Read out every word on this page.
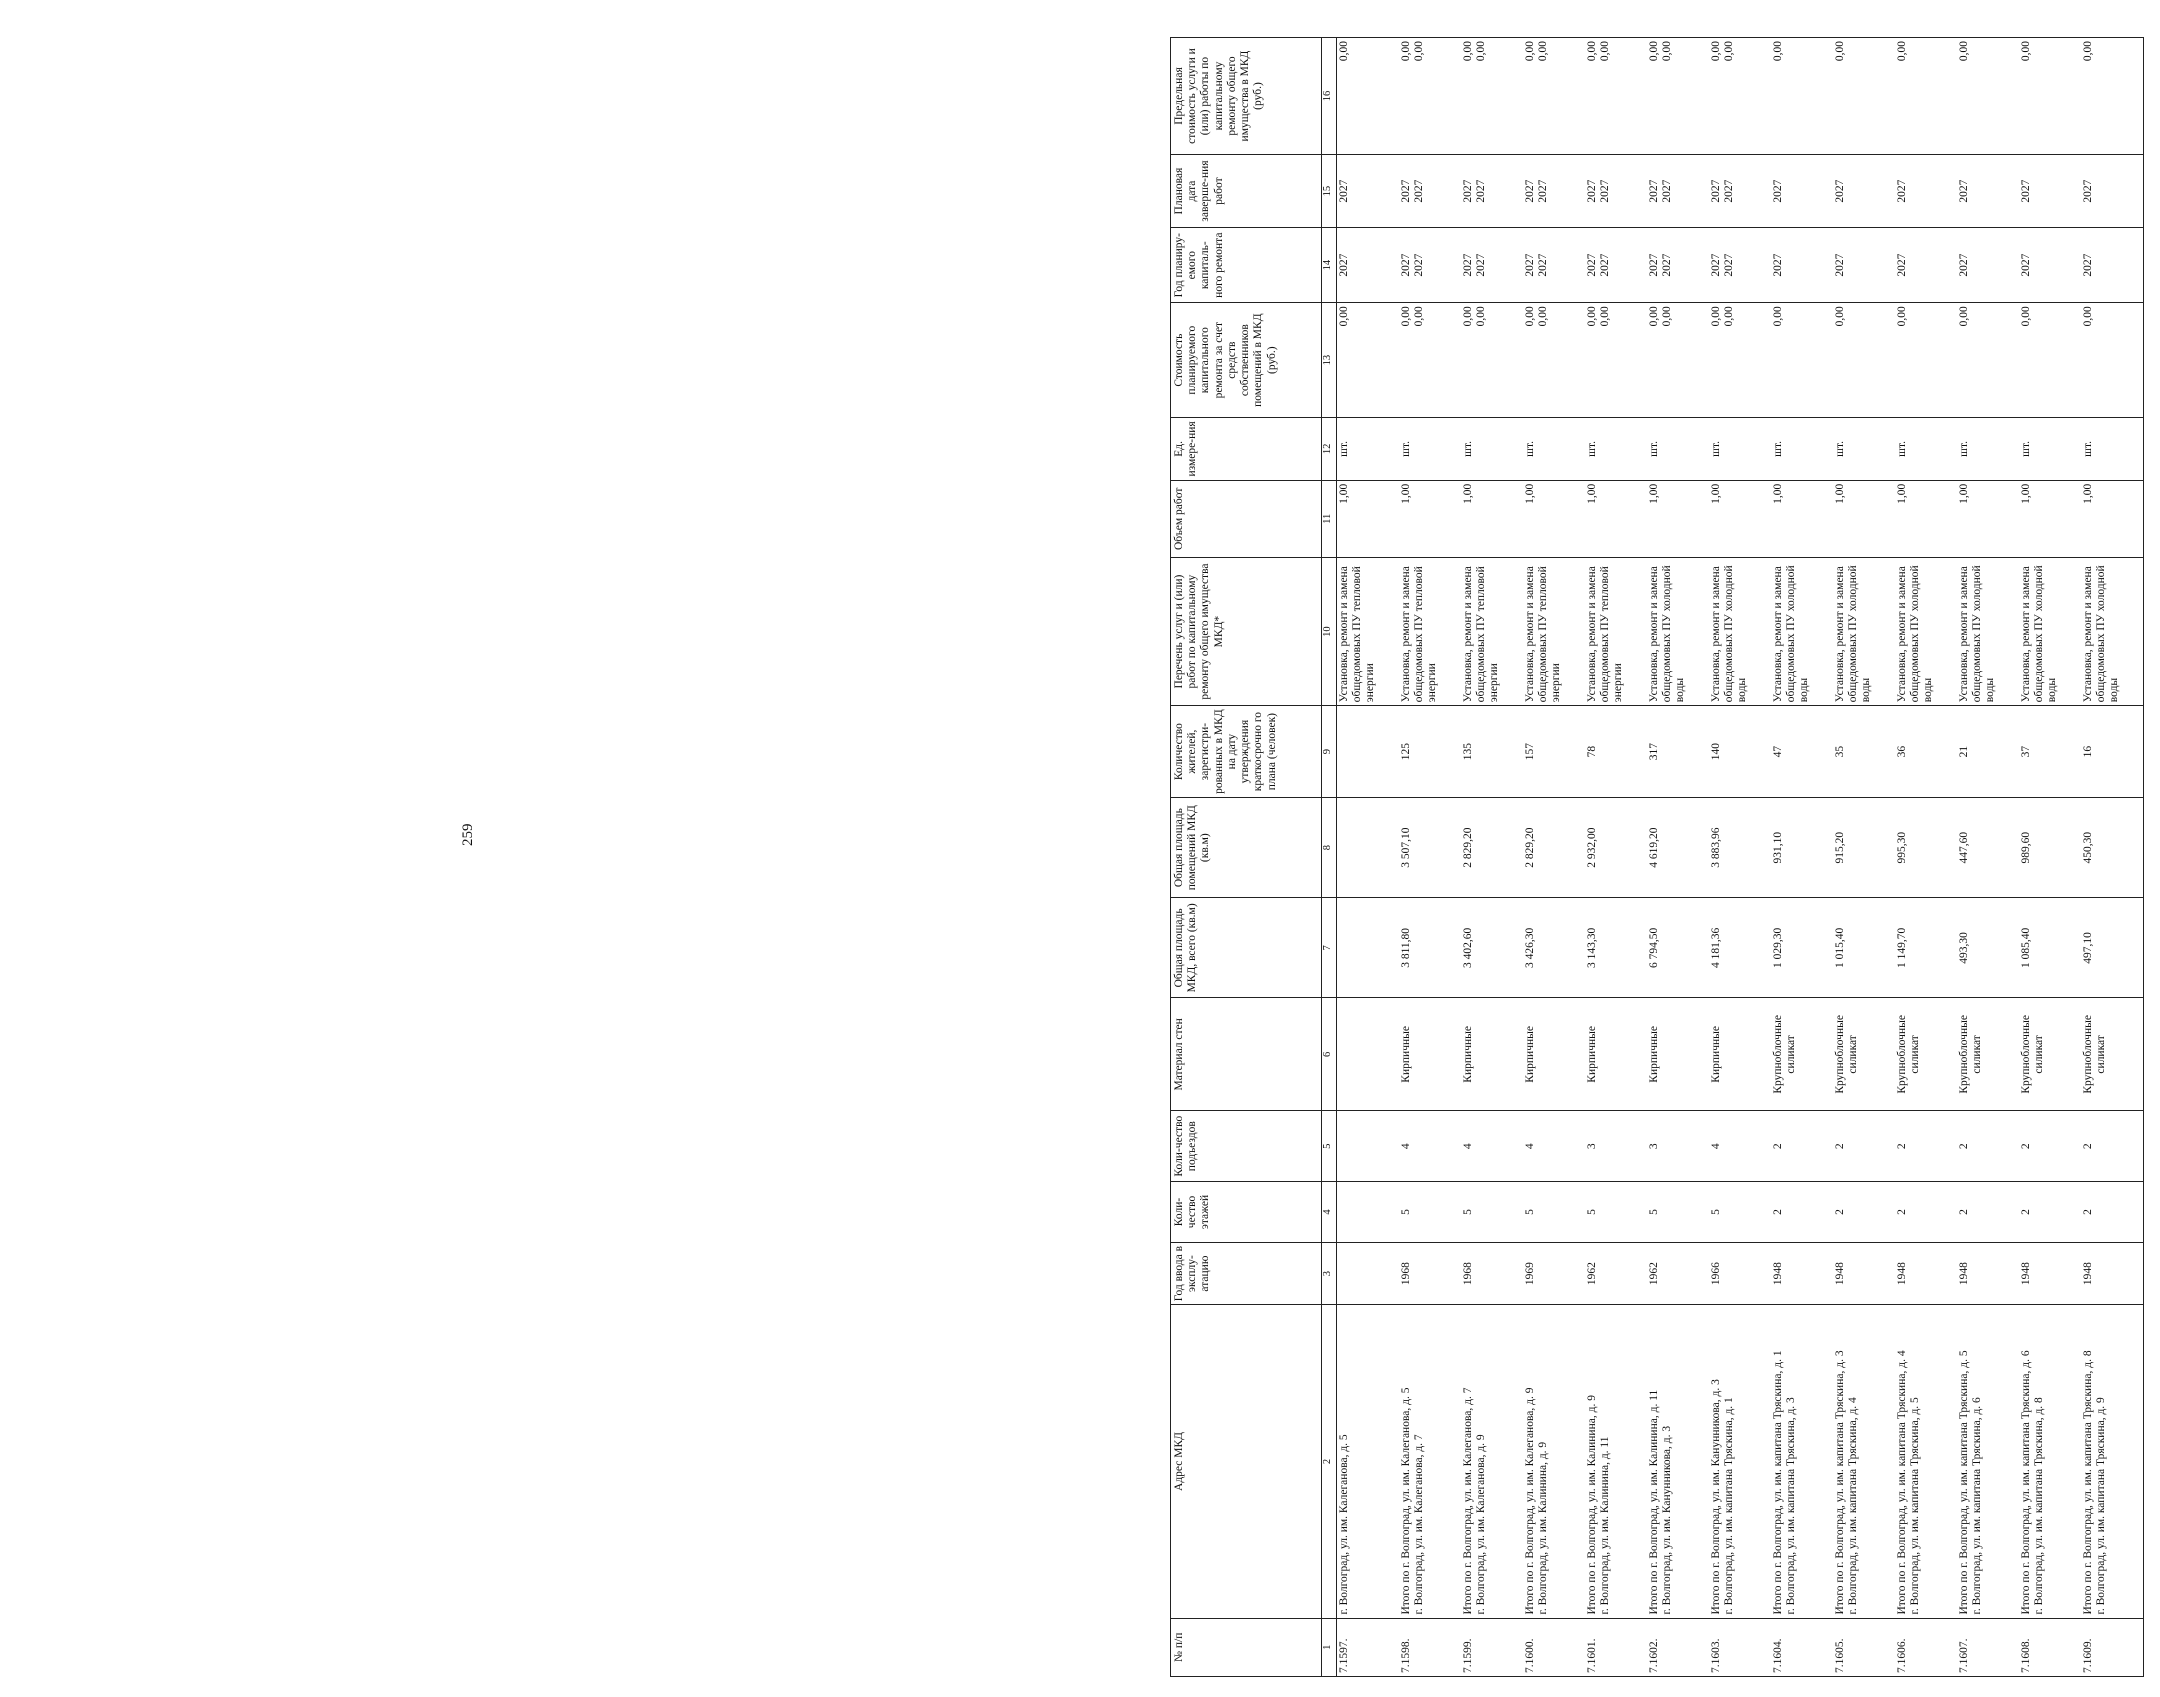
259
№ п/п	Адрес МКД	Год ввода в эксплу-атацию	Коли-чество этажей	Коли-чество подъездов	Материал стен	Общая площадь МКД, всего (кв.м)	Общая площадь помещений МКД (кв.м)	Количество жителей, зарегистри-рованных в МКД на дату утверждения краткосрочно го плана (человек)	Перечень услуг и (или) работ по капитальному ремонту общего имущества МКД*	Объем работ	Ед. измере-ния	Стоимость планируемого капитального ремонта за счет средств собственников помещений в МКД (руб.)	Год планиру-емого капиталь-ного ремонта	Плановая дата заверше-ния работ	Предельная стоимость услуги и (или) работы по капитальному ремонту общего имущества в МКД (руб.)
1	2	3	4	5	6	7	8	9	10	11	12	13	14	15	16
7.1597.	г. Волгоград, ул. им. Калеганова, д. 5								Установка, ремонт и замена общедомовых ПУ тепловой энергии	1,00	шт.	0,00	2027	2027	0,00

7.1598.	Итого по г. Волгоград, ул. им. Калеганова, д. 5 г. Волгоград, ул. им. Калеганова, д. 7	1968	5	4	Кирпичные	3 811,80	3 507,10	125	Установка, ремонт и замена общедомовых ПУ тепловой энергии	1,00	шт.	0,00 0,00	2027 2027	2027 2027	0,00 0,00

7.1599.	Итого по г. Волгоград, ул. им. Калеганова, д. 7 г. Волгоград, ул. им. Калеганова, д. 9	1968	5	4	Кирпичные	3 402,60	2 829,20	135	Установка, ремонт и замена общедомовых ПУ тепловой энергии	1,00	шт.	0,00 0,00	2027 2027	2027 2027	0,00 0,00

7.1600.	Итого по г. Волгоград, ул. им. Калеганова, д. 9 г. Волгоград, ул. им. Калинина, д. 9	1969	5	4	Кирпичные	3 426,30	2 829,20	157	Установка, ремонт и замена общедомовых ПУ тепловой энергии	1,00	шт.	0,00 0,00	2027 2027	2027 2027	0,00 0,00

7.1601.	Итого по г. Волгоград, ул. им. Калинина, д. 9 г. Волгоград, ул. им. Калинина, д. 11	1962	5	3	Кирпичные	3 143,30	2 932,00	78	Установка, ремонт и замена общедомовых ПУ тепловой энергии	1,00	шт.	0,00 0,00	2027 2027	2027 2027	0,00 0,00

7.1602.	Итого по г. Волгоград, ул. им. Калинина, д. 11 г. Волгоград, ул. им. Канунникова, д. 3	1962	5	3	Кирпичные	6 794,50	4 619,20	317	Установка, ремонт и замена общедомовых ПУ холодной воды	1,00	шт.	0,00 0,00	2027 2027	2027 2027	0,00 0,00

7.1603.	Итого по г. Волгоград, ул. им. Канунникова, д. 3 г. Волгоград, ул. им. капитана Тряскина, д. 1	1966	5	4	Кирпичные	4 181,36	3 883,96	140	Установка, ремонт и замена общедомовых ПУ холодной воды	1,00	шт.	0,00 0,00	2027 2027	2027 2027	0,00 0,00

7.1604.	Итого по г. Волгоград, ул. им. капитана Тряскина, д. 1 г. Волгоград, ул. им. капитана Тряскина, д. 3	1948	2	2	Крупноблочные силикат	1 029,30	931,10	47	Установка, ремонт и замена общедомовых ПУ холодной воды	1,00	шт.	0,00	2027	2027	0,00

7.1605.	Итого по г. Волгоград, ул. им. капитана Тряскина, д. 3 г. Волгоград, ул. им. капитана Тряскина, д. 4	1948	2	2	Крупноблочные силикат	1 015,40	915,20	35	Установка, ремонт и замена общедомовых ПУ холодной воды	1,00	шт.	0,00	2027	2027	0,00

7.1606.	Итого по г. Волгоград, ул. им. капитана Тряскина, д. 4 г. Волгоград, ул. им. капитана Тряскина, д. 5	1948	2	2	Крупноблочные силикат	1 149,70	995,30	36	Установка, ремонт и замена общедомовых ПУ холодной воды	1,00	шт.	0,00	2027	2027	0,00

7.1607.	Итого по г. Волгоград, ул. им. капитана Тряскина, д. 5 г. Волгоград, ул. им. капитана Тряскина, д. 6	1948	2	2	Крупноблочные силикат	493,30	447,60	21	Установка, ремонт и замена общедомовых ПУ холодной воды	1,00	шт.	0,00	2027	2027	0,00

7.1608.	Итого по г. Волгоград, ул. им. капитана Тряскина, д. 6 г. Волгоград, ул. им. капитана Тряскина, д. 8	1948	2	2	Крупноблочные силикат	1 085,40	989,60	37	Установка, ремонт и замена общедомовых ПУ холодной воды	1,00	шт.	0,00	2027	2027	0,00

7.1609.	Итого по г. Волгоград, ул. им. капитана Тряскина, д. 8 г. Волгоград, ул. им. капитана Тряскина, д. 9	1948	2	2	Крупноблочные силикат	497,10	450,30	16	Установка, ремонт и замена общедомовых ПУ холодной воды	1,00	шт.	0,00	2027	2027	0,00
